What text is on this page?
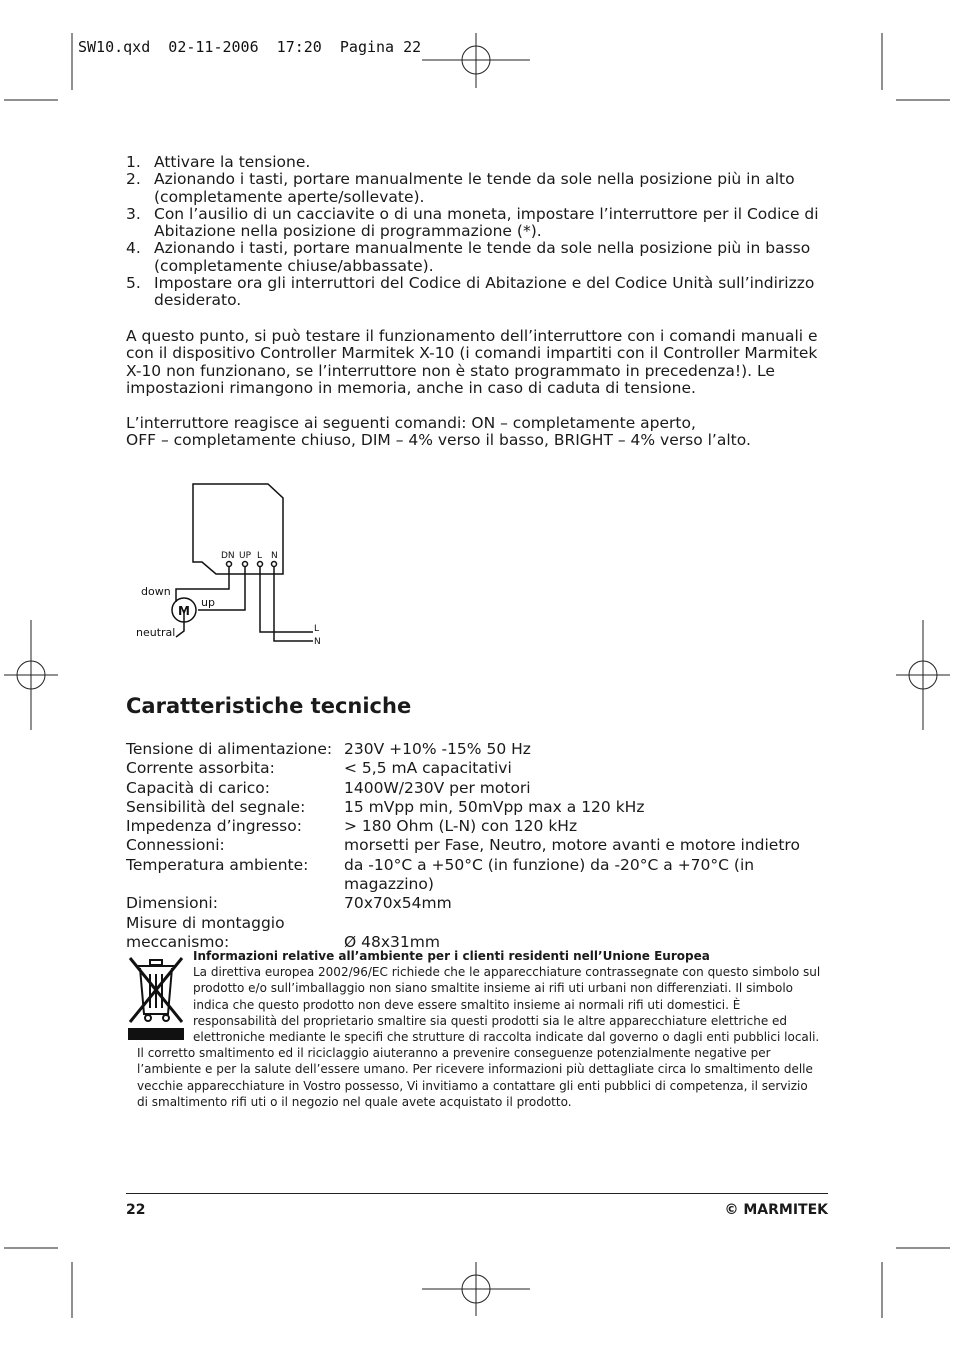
SW10.qxd  02-11-2006  17:20  Pagina 22
1. Attivare la tensione.
2. Azionando i tasti, portare manualmente le tende da sole nella posizione più in alto (completamente aperte/sollevate).
3. Con l’ausilio di un cacciavite o di una moneta, impostare l’interruttore per il Codice di Abitazione nella posizione di programmazione (*).
4. Azionando i tasti, portare manualmente le tende da sole nella posizione più in basso (completamente chiuse/abbassate).
5. Impostare ora gli interruttori del Codice di Abitazione e del Codice Unità sull’indirizzo desiderato.

A questo punto, si può testare il funzionamento dell’interruttore con i comandi manuali e con il dispositivo Controller Marmitek X-10 (i comandi impartiti con il Controller Marmitek X-10 non funzionano, se l’interruttore non è stato programmato in precedenza!). Le impostazioni rimangono in memoria, anche in caso di caduta di tensione.

L’interruttore reagisce ai seguenti comandi: ON – completamente aperto,
OFF – completamente chiuso, DIM – 4% verso il basso, BRIGHT – 4% verso l’alto.

DN UP L N
M
down
up
neutral	L
N
Caratteristiche tecniche
Tensione di alimentazione:	230V +10% -15% 50 Hz
Corrente assorbita:	< 5,5 mA capacitativi
Capacità di carico:	1400W/230V per motori
Sensibilità del segnale:	15 mVpp min, 50mVpp max a 120 kHz
Impedenza d’ingresso:	> 180 Ohm (L-N) con 120 kHz
Connessioni:	morsetti per Fase, Neutro, motore avanti e motore indietro
Temperatura ambiente:	da -10°C a +50°C (in funzione) da -20°C a +70°C (in magazzino)
Dimensioni:	70x70x54mm
Misure di montaggio	
meccanismo:	Ø 48x31mm
Informazioni relative all’ambiente per i clienti residenti nell’Unione Europea
La direttiva europea 2002/96/EC richiede che le apparecchiature contrassegnate con questo simbolo sul prodotto e/o sull’imballaggio non siano smaltite insieme ai rifi uti urbani non differenziati. Il simbolo indica che questo prodotto non deve essere smaltito insieme ai normali rifi uti domestici. È responsabilità del proprietario smaltire sia questi prodotti sia le altre apparecchiature elettriche ed elettroniche mediante le specifi che strutture di raccolta indicate dal governo o dagli enti pubblici locali. Il corretto smaltimento ed il riciclaggio aiuteranno a prevenire conseguenze potenzialmente negative per l’ambiente e per la salute dell’essere umano. Per ricevere informazioni più dettagliate circa lo smaltimento delle vecchie apparecchiature in Vostro possesso, Vi invitiamo a contattare gli enti pubblici di competenza, il servizio di smaltimento rifi uti o il negozio nel quale avete acquistato il prodotto.
22	© MARMITEK
